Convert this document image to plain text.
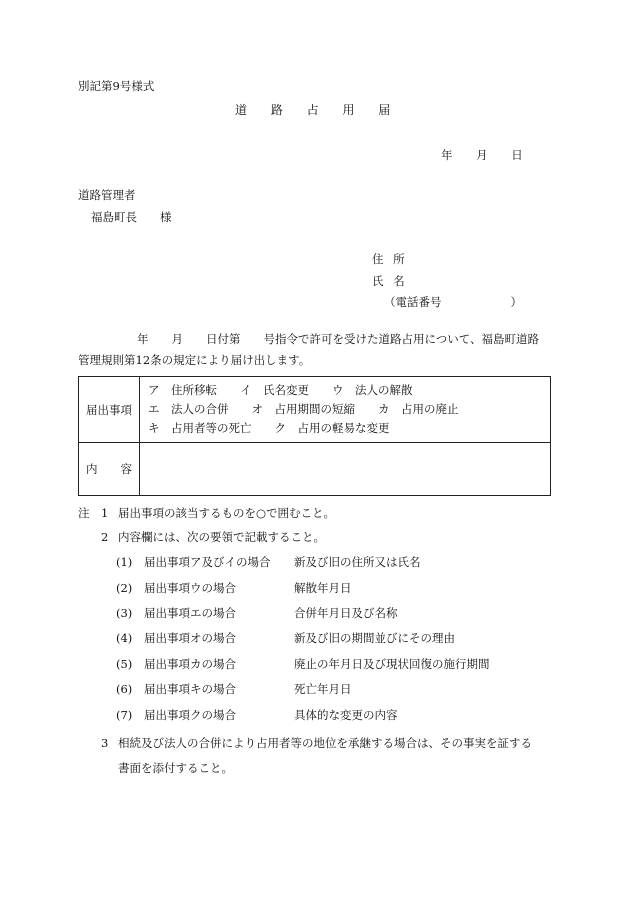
別記第9号様式
道 路 占 用 届
年 月 日
道路管理者
福島町長　　様
住 所
氏 名
（電話番号　　　　　　）
年　　月　　日付第　　号指令で許可を受けた道路占用について、福島町道路
管理規則第12条の規定により届け出します。
届出事項	ア　住所移転　　イ　氏名変更　　ウ　法人の解散
エ　法人の合併　　オ　占用期間の短縮　　カ　占用の廃止
キ　占用者等の死亡　　ク　占用の軽易な変更

内　　容	
注 1 届出事項の該当するものを○で囲むこと。
2 内容欄には、次の要領で記載すること。
(1) 届出事項ア及びイの場合 新及び旧の住所又は氏名
(2) 届出事項ウの場合	解散年月日
(3) 届出事項エの場合	合併年月日及び名称
(4) 届出事項オの場合	新及び旧の期間並びにその理由
(5) 届出事項カの場合	廃止の年月日及び現状回復の施行期間
(6) 届出事項キの場合	死亡年月日
(7) 届出事項クの場合	具体的な変更の内容
3 相続及び法人の合併により占用者等の地位を承継する場合は、その事実を証する
書面を添付すること。
